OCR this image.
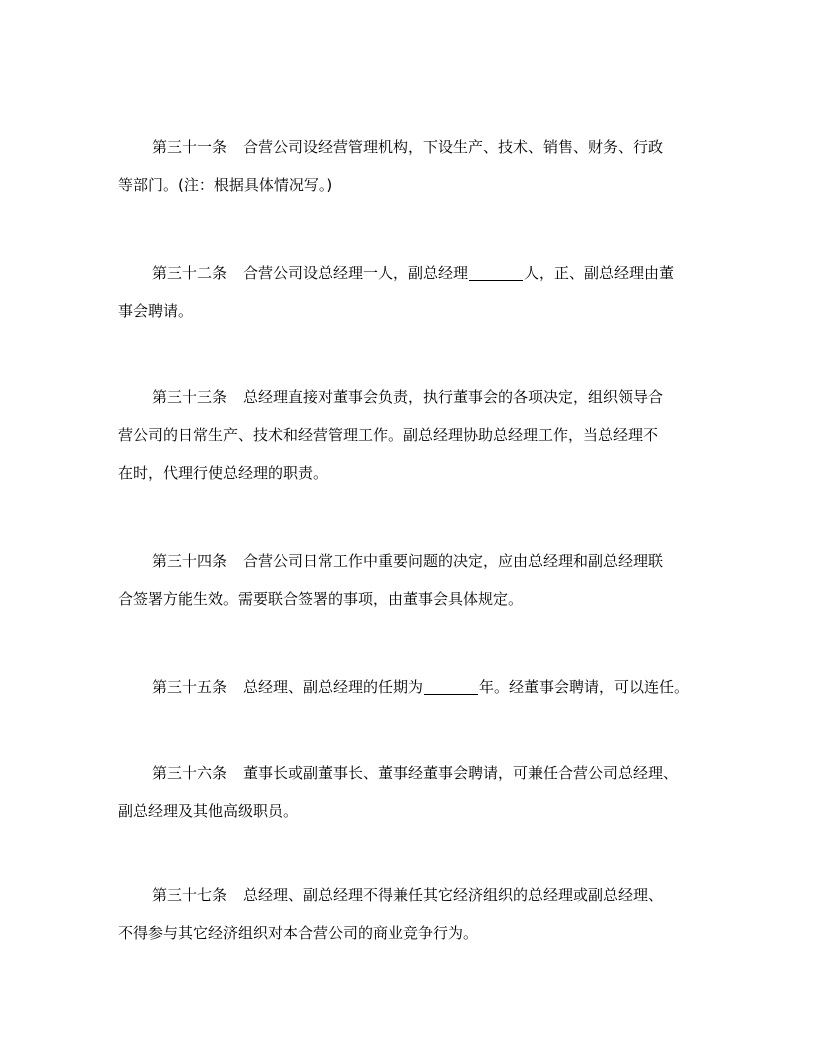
第三十一条 合营公司设经营管理机构，下设生产、技术、销售、财务、行政
等部门。(注：根据具体情况写。)
第三十二条 合营公司设总经理一人，副总经理	人，正、副总经理由董
事会聘请。
第三十三条 总经理直接对董事会负责，执行董事会的各项决定，组织领导合
营公司的日常生产、技术和经营管理工作。副总经理协助总经理工作，当总经理不
在时，代理行使总经理的职责。
第三十四条 合营公司日常工作中重要问题的决定，应由总经理和副总经理联
合签署方能生效。需要联合签署的事项，由董事会具体规定。
第三十五条 总经理、副总经理的任期为	年。经董事会聘请，可以连任。
第三十六条 董事长或副董事长、董事经董事会聘请，可兼任合营公司总经理、
副总经理及其他高级职员。
第三十七条 总经理、副总经理不得兼任其它经济组织的总经理或副总经理、
不得参与其它经济组织对本合营公司的商业竞争行为。
